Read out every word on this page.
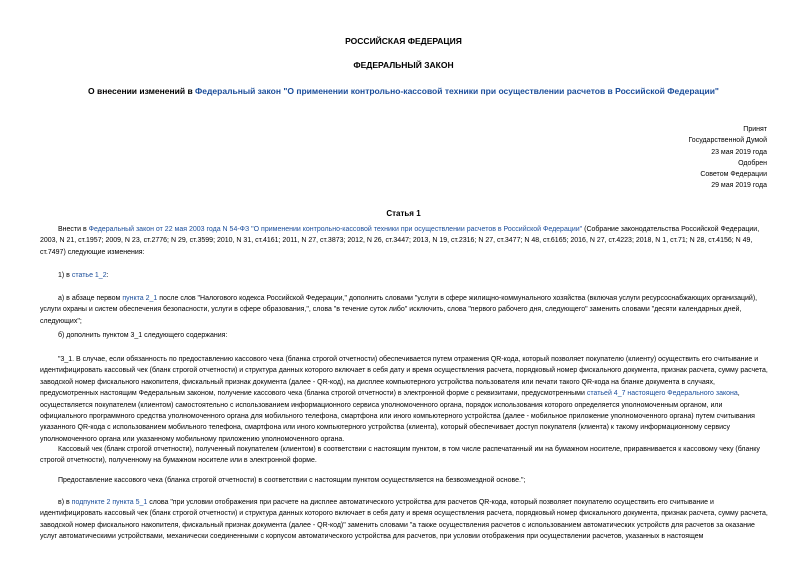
РОССИЙСКАЯ ФЕДЕРАЦИЯ
ФЕДЕРАЛЬНЫЙ ЗАКОН
О внесении изменений в Федеральный закон "О применении контрольно-кассовой техники при осуществлении расчетов в Российской Федерации"
Принят
Государственной Думой
23 мая 2019 года
Одобрен
Советом Федерации
29 мая 2019 года
Статья 1

Внести в Федеральный закон от 22 мая 2003 года N 54-ФЗ "О применении контрольно-кассовой техники при осуществлении расчетов в Российской Федерации" (Собрание законодательства Российской Федерации, 2003, N 21, ст.1957; 2009, N 23, ст.2776; N 29, ст.3599; 2010, N 31, ст.4161; 2011, N 27, ст.3873; 2012, N 26, ст.3447; 2013, N 19, ст.2316; N 27, ст.3477; N 48, ст.6165; 2016, N 27, ст.4223; 2018, N 1, ст.71; N 28, ст.4156; N 49, ст.7497) следующие изменения:

1) в статье 1_2:

а) в абзаце первом пункта 2_1 после слов "Налогового кодекса Российской Федерации," дополнить словами "услуги в сфере жилищно-коммунального хозяйства (включая услуги ресурсоснабжающих организаций), услуги охраны и систем обеспечения безопасности, услуги в сфере образования,", слова "в течение суток либо" исключить, слова "первого рабочего дня, следующего" заменить словами "десяти календарных дней, следующих";

б) дополнить пунктом 3_1 следующего содержания:

"3_1. В случае, если обязанность по предоставлению кассового чека (бланка строгой отчетности) обеспечивается путем отражения QR-кода, который позволяет покупателю (клиенту) осуществить его считывание и идентифицировать кассовый чек (бланк строгой отчетности) и структура данных которого включает в себя дату и время осуществления расчета, порядковый номер фискального документа, признак расчета, сумму расчета, заводской номер фискального накопителя, фискальный признак документа (далее - QR-код), на дисплее компьютерного устройства пользователя или печати такого QR-кода на бланке документа в случаях, предусмотренных настоящим Федеральным законом, получение кассового чека (бланка строгой отчетности) в электронной форме с реквизитами, предусмотренными статьей 4_7 настоящего Федерального закона, осуществляется покупателем (клиентом) самостоятельно с использованием информационного сервиса уполномоченного органа, порядок использования которого определяется уполномоченным органом, или официального программного средства уполномоченного органа для мобильного телефона, смартфона или иного компьютерного устройства (далее - мобильное приложение уполномоченного органа) путем считывания указанного QR-кода с использованием мобильного телефона, смартфона или иного компьютерного устройства (клиента), который обеспечивает доступ покупателя (клиента) к такому информационному сервису уполномоченного органа или указанному мобильному приложению уполномоченного органа.

Кассовый чек (бланк строгой отчетности), полученный покупателем (клиентом) в соответствии с настоящим пунктом, в том числе распечатанный им на бумажном носителе, приравнивается к кассовому чеку (бланку строгой отчетности), полученному на бумажном носителе или в электронной форме.

Предоставление кассового чека (бланка строгой отчетности) в соответствии с настоящим пунктом осуществляется на безвозмездной основе.";

в) в подпункте 2 пункта 5_1 слова "при условии отображения при расчете на дисплее автоматического устройства для расчетов QR-кода, который позволяет покупателю осуществить его считывание и идентифицировать кассовый чек (бланк строгой отчетности) и структура данных которого включает в себя дату и время осуществления расчета, порядковый номер фискального документа, признак расчета, сумму расчета, заводской номер фискального накопителя, фискальный признак документа (далее - QR-код)" заменить словами "а также осуществления расчетов с использованием автоматических устройств для расчетов за оказание услуг автоматическими устройствами, механически соединенными с корпусом автоматического устройства для расчетов, при условии отображения при осуществлении расчетов, указанных в настоящем
